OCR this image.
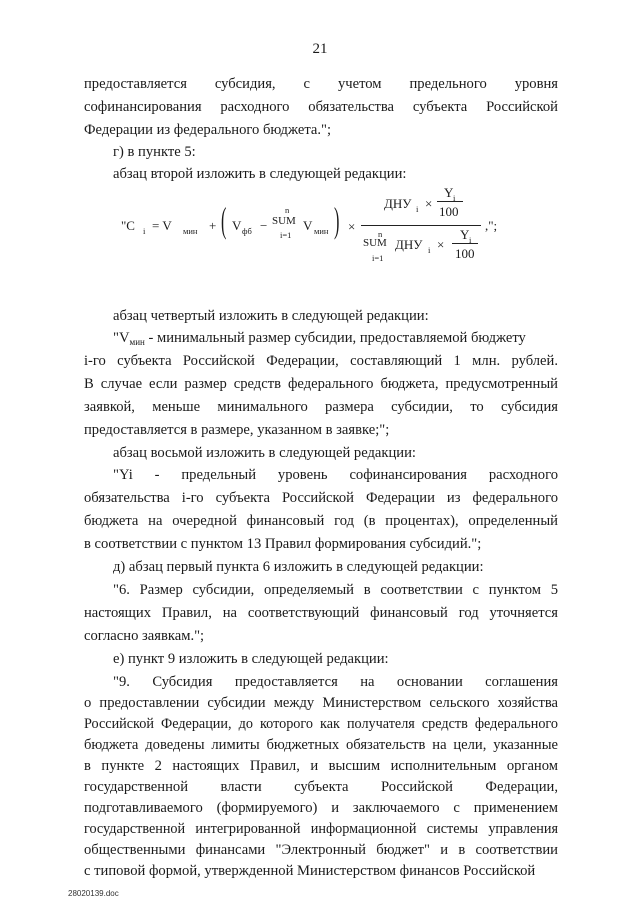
21
предоставляется субсидия, с учетом предельного уровня
софинансирования расходного обязательства субъекта Российской
Федерации из федерального бюджета.";
г) в пункте 5:
абзац второй изложить в следующей редакции:
"C i = V мин + ( V фб −
n
SUM
i=1
V мин ) ×
ДНУ i ×
Y i
100
n
SUM
i=1
ДНУ i ×
Y i
100
,";
абзац четвертый изложить в следующей редакции:
"$V_{мин}$ - минимальный размер субсидии, предоставляемой бюджету
i-го субъекта Российской Федерации, составляющий 1 млн. рублей.
В случае если размер средств федерального бюджета, предусмотренный
заявкой, меньше минимального размера субсидии, то субсидия
предоставляется в размере, указанном в заявке;";
абзац восьмой изложить в следующей редакции:
"Yi - предельный уровень софинансирования расходного
обязательства i-го субъекта Российской Федерации из федерального
бюджета на очередной финансовый год (в процентах), определенный
в соответствии с пунктом 13 Правил формирования субсидий.";
д) абзац первый пункта 6 изложить в следующей редакции:
"6. Размер субсидии, определяемый в соответствии с пунктом 5
настоящих Правил, на соответствующий финансовый год уточняется
согласно заявкам.";
е) пункт 9 изложить в следующей редакции:
28020139.doc
"9. Субсидия предоставляется на основании соглашения
о предоставлении субсидии между Министерством сельского хозяйства
Российской Федерации, до которого как получателя средств федерального
бюджета доведены лимиты бюджетных обязательств на цели, указанные
в пункте 2 настоящих Правил, и высшим исполнительным органом
государственной власти субъекта Российской Федерации,
подготавливаемого (формируемого) и заключаемого с применением
государственной интегрированной информационной системы управления
общественными финансами "Электронный бюджет" и в соответствии
с типовой формой, утвержденной Министерством финансов Российской
